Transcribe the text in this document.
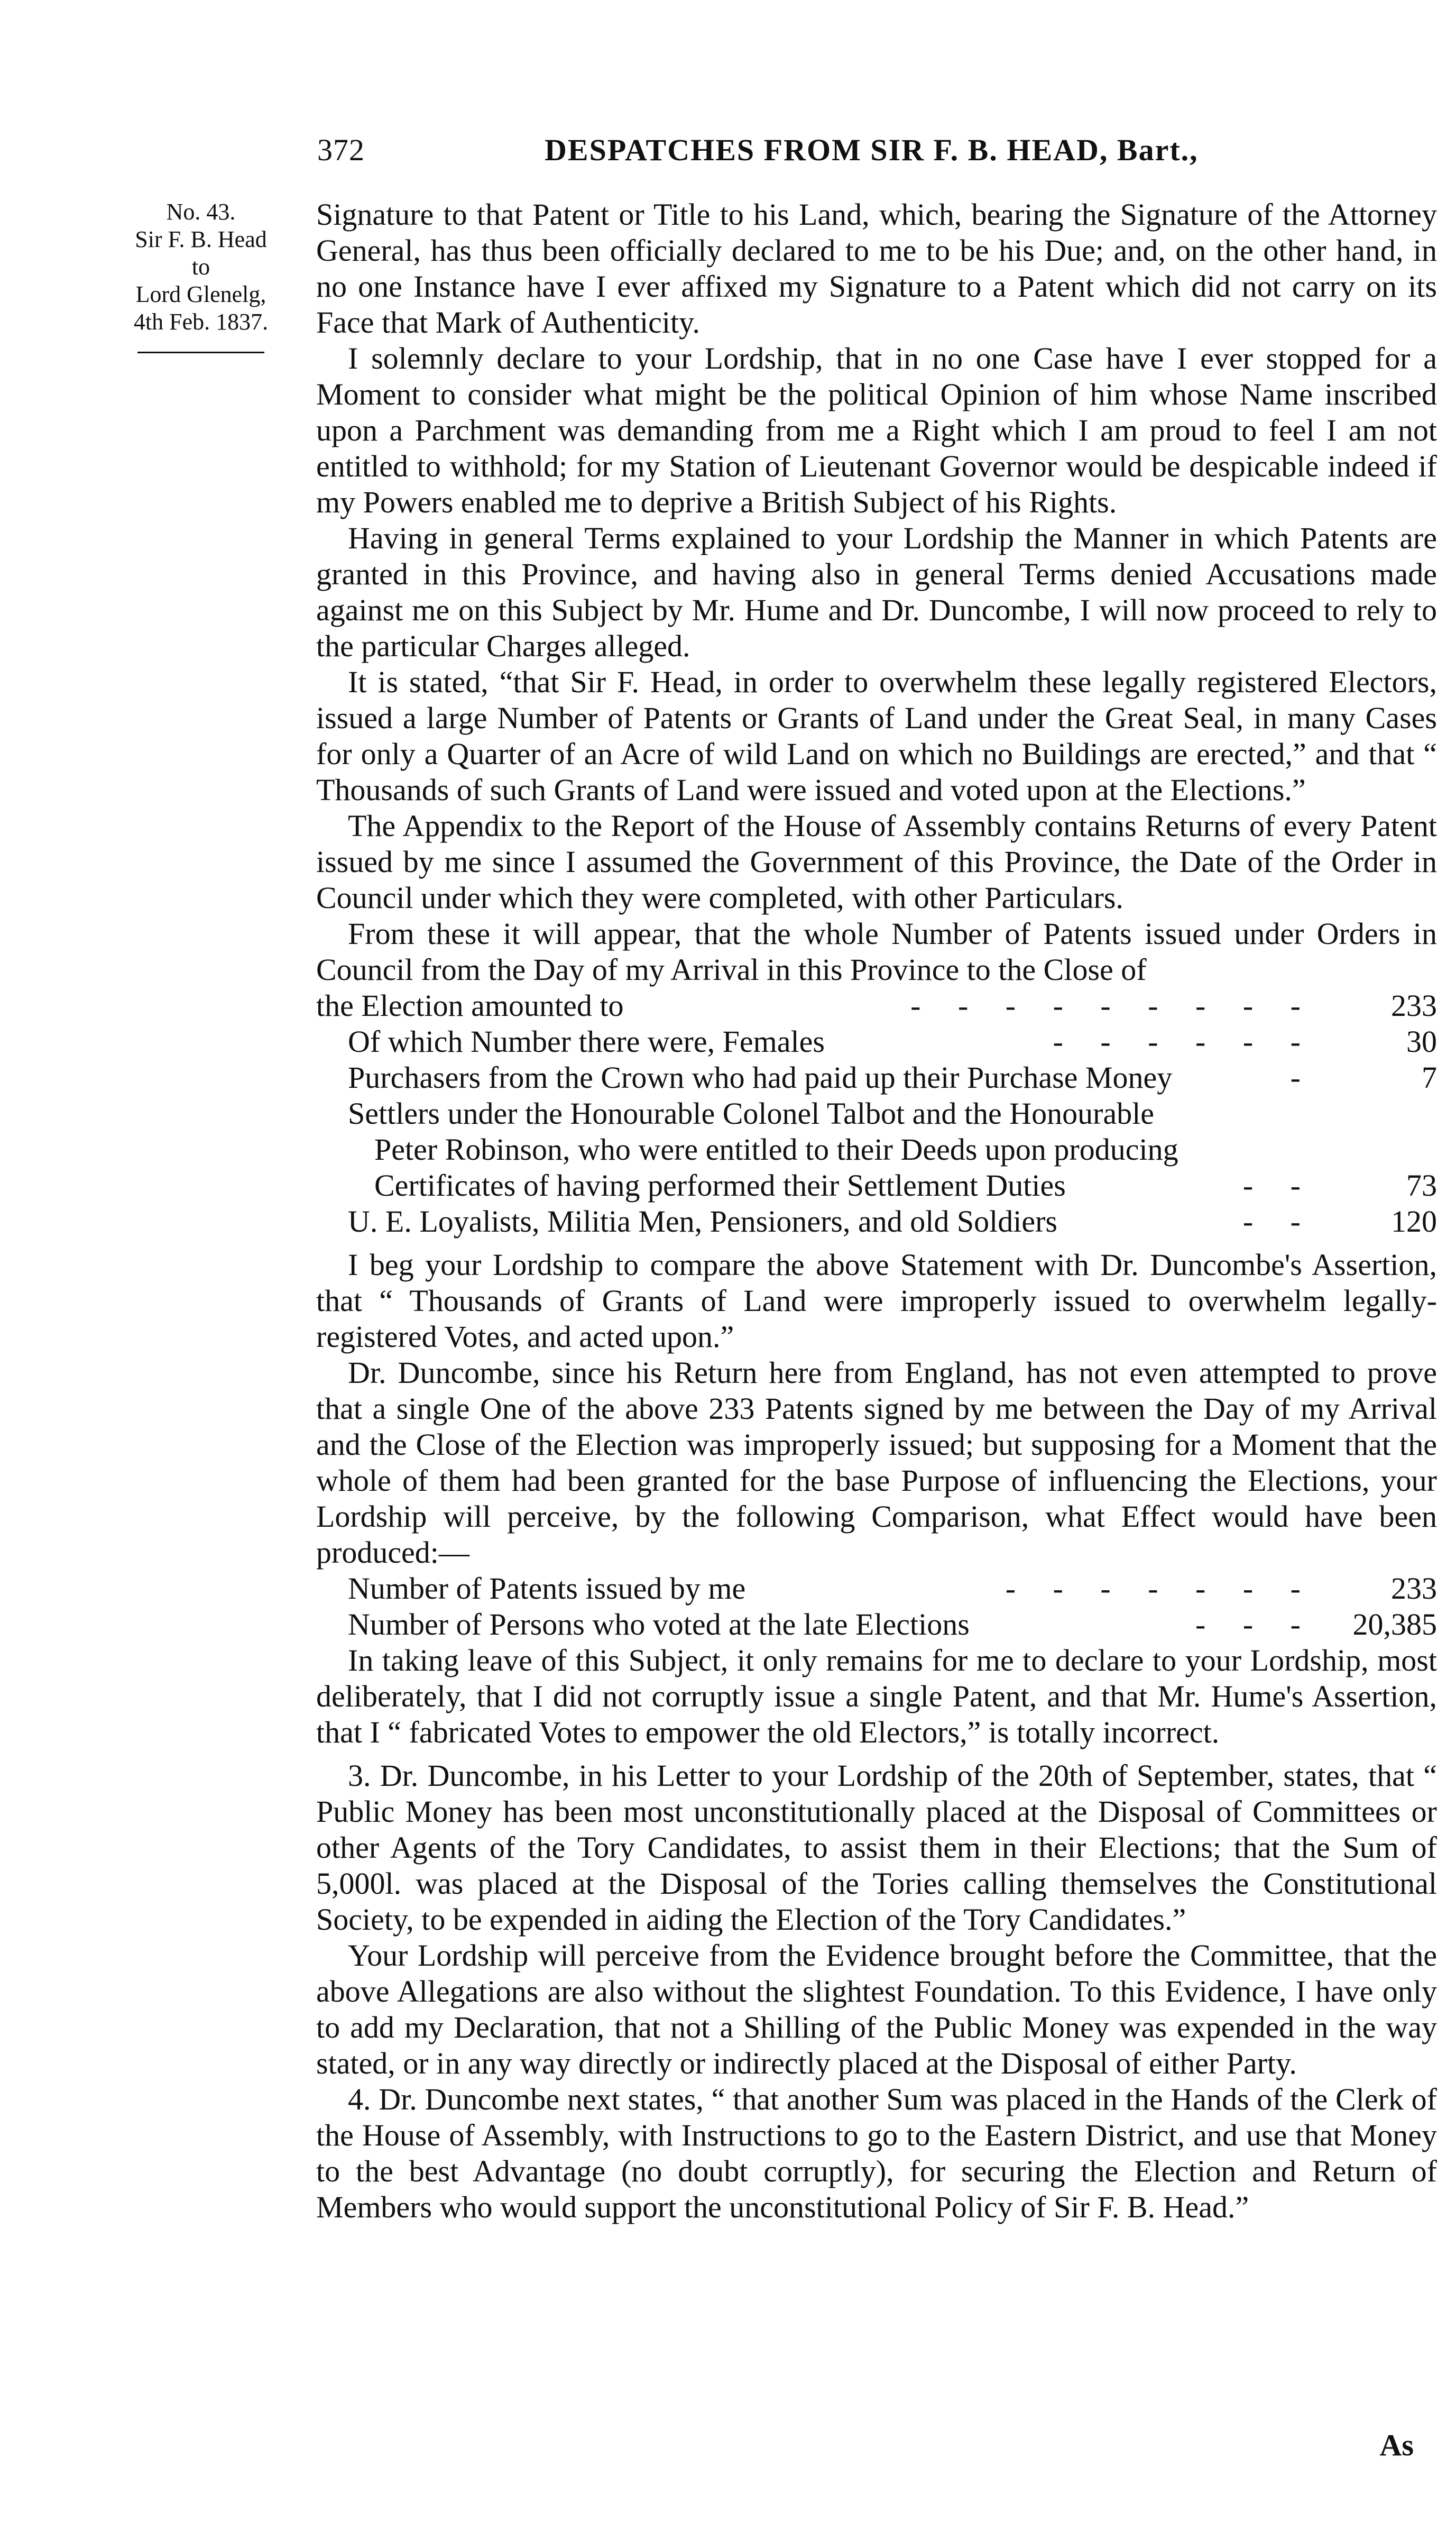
372	DESPATCHES FROM SIR F. B. HEAD, Bart.,
No. 43.
Sir F. B. Head
to
Lord Glenelg,
4th Feb. 1837.

Signature to that Patent or Title to his Land, which, bearing the Signature of the Attorney General, has thus been officially declared to me to be his Due; and, on the other hand, in no one Instance have I ever affixed my Signature to a Patent which did not carry on its Face that Mark of Authenticity.

I solemnly declare to your Lordship, that in no one Case have I ever stopped for a Moment to consider what might be the political Opinion of him whose Name inscribed upon a Parchment was demanding from me a Right which I am proud to feel I am not entitled to withhold; for my Station of Lieutenant Governor would be despicable indeed if my Powers enabled me to deprive a British Subject of his Rights.

Having in general Terms explained to your Lordship the Manner in which Patents are granted in this Province, and having also in general Terms denied Accusations made against me on this Subject by Mr. Hume and Dr. Duncombe, I will now proceed to rely to the particular Charges alleged.

It is stated, “that Sir F. Head, in order to overwhelm these legally registered Electors, issued a large Number of Patents or Grants of Land under the Great Seal, in many Cases for only a Quarter of an Acre of wild Land on which no Buildings are erected,” and that “ Thousands of such Grants of Land were issued and voted upon at the Elections.”

The Appendix to the Report of the House of Assembly contains Returns of every Patent issued by me since I assumed the Government of this Province, the Date of the Order in Council under which they were completed, with other Particulars.

From these it will appear, that the whole Number of Patents issued under Orders in Council from the Day of my Arrival in this Province to the Close of

the Election amounted to	- - - - - - - - - 233
Of which Number there were, Females	- - - - - -	30
Purchasers from the Crown who had paid up their Purchase Money	-	7
Settlers under the Honourable Colonel Talbot and the Honourable
Peter Robinson, who were entitled to their Deeds upon producing
Certificates of having performed their Settlement Duties	- -	73
U. E. Loyalists, Militia Men, Pensioners, and old Soldiers	- - 120

I beg your Lordship to compare the above Statement with Dr. Duncombe's Assertion, that “ Thousands of Grants of Land were improperly issued to overwhelm legally-registered Votes, and acted upon.”

Dr. Duncombe, since his Return here from England, has not even attempted to prove that a single One of the above 233 Patents signed by me between the Day of my Arrival and the Close of the Election was improperly issued; but supposing for a Moment that the whole of them had been granted for the base Purpose of influencing the Elections, your Lordship will perceive, by the following Comparison, what Effect would have been produced:—

Number of Patents issued by me	- - - - - - - 233
Number of Persons who voted at the late Elections	- - - 20,385

In taking leave of this Subject, it only remains for me to declare to your Lordship, most deliberately, that I did not corruptly issue a single Patent, and that Mr. Hume's Assertion, that I “ fabricated Votes to empower the old Electors,” is totally incorrect.

3. Dr. Duncombe, in his Letter to your Lordship of the 20th of September, states, that “ Public Money has been most unconstitutionally placed at the Disposal of Committees or other Agents of the Tory Candidates, to assist them in their Elections; that the Sum of 5,000l. was placed at the Disposal of the Tories calling themselves the Constitutional Society, to be expended in aiding the Election of the Tory Candidates.”

Your Lordship will perceive from the Evidence brought before the Committee, that the above Allegations are also without the slightest Foundation. To this Evidence, I have only to add my Declaration, that not a Shilling of the Public Money was expended in the way stated, or in any way directly or indirectly placed at the Disposal of either Party.

4. Dr. Duncombe next states, “ that another Sum was placed in the Hands of the Clerk of the House of Assembly, with Instructions to go to the Eastern District, and use that Money to the best Advantage (no doubt corruptly), for securing the Election and Return of Members who would support the unconstitutional Policy of Sir F. B. Head.”

As
